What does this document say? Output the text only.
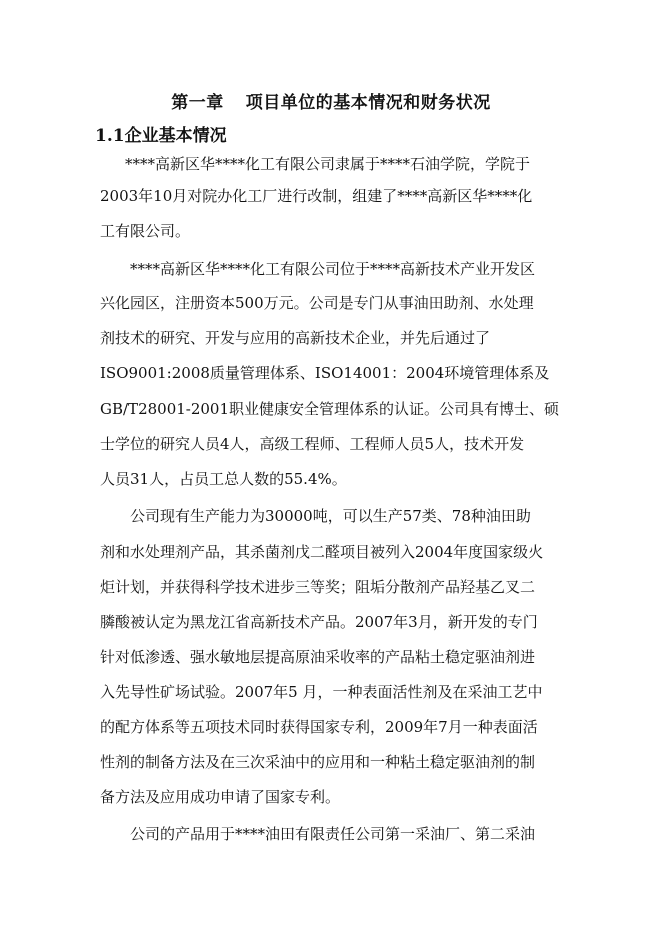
第一章 项目单位的基本情况和财务状况
1.1企业基本情况
****高新区华****化工有限公司隶属于****石油学院，学院于
2003年10月对院办化工厂进行改制，组建了****高新区华****化
工有限公司。
****高新区华****化工有限公司位于****高新技术产业开发区
兴化园区，注册资本500万元。公司是专门从事油田助剂、水处理
剂技术的研究、开发与应用的高新技术企业，并先后通过了
ISO9001:2008质量管理体系、ISO14001：2004环境管理体系及
GB/T28001-2001职业健康安全管理体系的认证。公司具有博士、硕
士学位的研究人员4人，高级工程师、工程师人员5人，技术开发
人员31人，占员工总人数的55.4%。
公司现有生产能力为30000吨，可以生产57类、78种油田助
剂和水处理剂产品，其杀菌剂戊二醛项目被列入2004年度国家级火
炬计划，并获得科学技术进步三等奖；阻垢分散剂产品羟基乙叉二
膦酸被认定为黑龙江省高新技术产品。2007年3月，新开发的专门
针对低渗透、强水敏地层提高原油采收率的产品粘土稳定驱油剂进
入先导性矿场试验。2007年5 月，一种表面活性剂及在采油工艺中
的配方体系等五项技术同时获得国家专利，2009年7月一种表面活
性剂的制备方法及在三次采油中的应用和一种粘土稳定驱油剂的制
备方法及应用成功申请了国家专利。
公司的产品用于****油田有限责任公司第一采油厂、第二采油
